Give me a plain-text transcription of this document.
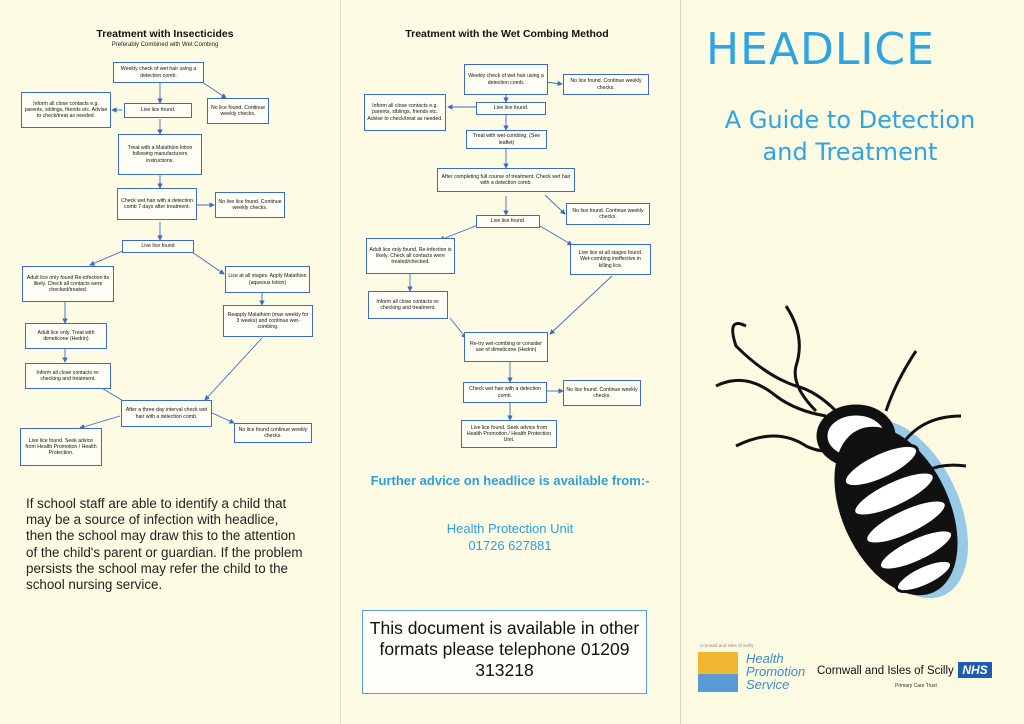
Treatment with Insecticides
Preferably Combined with Wet Combing
Weekly check of wet hair using a detection comb.
Inform all close contacts e.g. parents, siblings, friends etc. Advise to check/treat as needed.
Live lice found.	No lice found. Continue weekly checks.
Treat with a Malathion lotion following manufacturers instructions.
Check wet hair with a detection comb 7 days after treatment.
No live lice found. Continue weekly checks.
Live lice found
Adult lice only found Re-infection its likely. Check all contacts were checked/treated.
Lice at all stages. Apply Malathion (aqueous lotion)
Reapply Malathion (max weekly for 3 weeks) and continue wet-combing.
Adult lice only. Treat with dimeticone (Hedrin)
Inform all close contacts re: checking and treatment.
After a three-day interval check wet hair with a detection comb.
Live lice found. Seek advice from Health Promotion / Health Protection.
No lice found continue weekly checks.
If school staff are able to identify a child that may be a source of infection with headlice, then the school may draw this to the attention of the child's parent or guardian. If the problem persists the school may refer the child to the school nursing service.
Treatment with the Wet Combing Method
Weekly check of wet hair using a detection comb.	No lice found. Continue weekly checks.
Inform all close contacts e.g. parents, siblings, friends etc. Advise to check/treat as needed.
Live lice found.
Treat with wet-combing. (See leaflet)
After completing full course of treatment. Check wet hair with a detection comb.
No lice found. Continue weekly checks.
Live lice found.
Adult lice only found. Re-infection is likely. Check all contacts were treated/checked.
Live lice at all stages found. Wet-combing ineffective in killing lice.
Inform all close contacts re: checking and treatment.
Re-try wet-combing or consider use of dimeticone (Hedrin)
Check wet hair with a detection comb.
No lice found. Continue weekly checks.
Live lice found. Seek advice from Health Promotion / Health Protection Unit.
Further advice on headlice is available from:-
Health Protection Unit
01726 627881
This document is available in other formats please telephone 01209 313218
HEADLICE
A Guide to Detection and Treatment
Cornwall and Isles of Scilly
Health Promotion Service
Cornwall and Isles of Scilly NHS
Primary Care Trust
